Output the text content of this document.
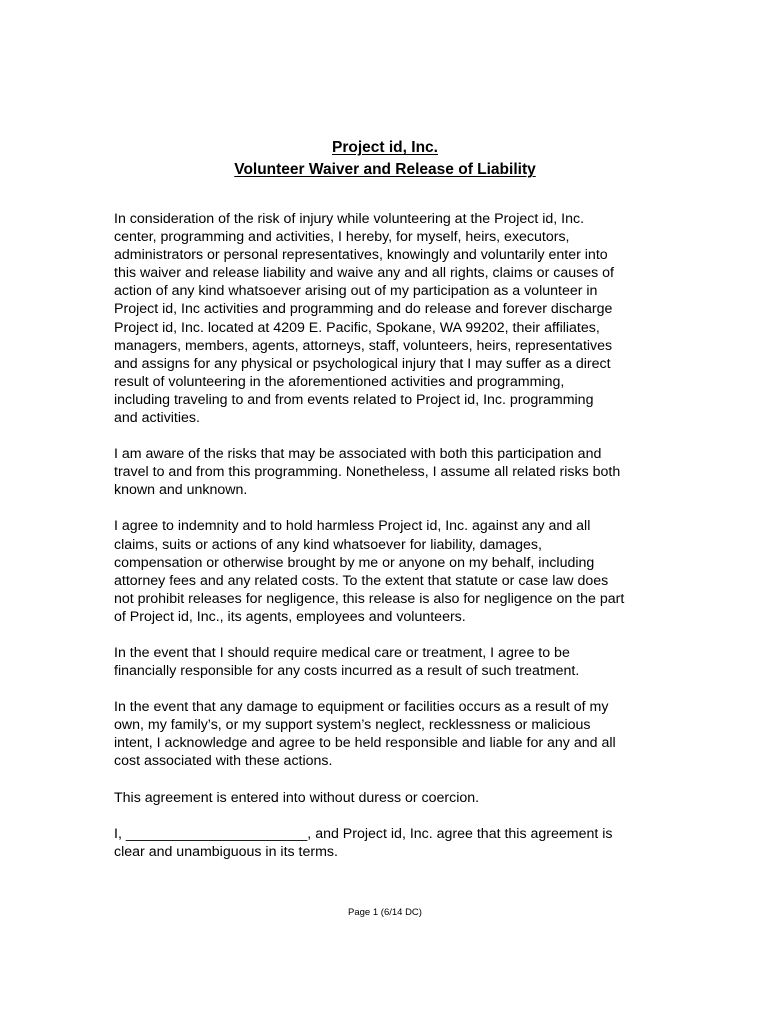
Project id, Inc.
Volunteer Waiver and Release of Liability

In consideration of the risk of injury while volunteering at the Project id, Inc.
center, programming and activities, I hereby, for myself, heirs, executors,
administrators or personal representatives, knowingly and voluntarily enter into
this waiver and release liability and waive any and all rights, claims or causes of
action of any kind whatsoever arising out of my participation as a volunteer in
Project id, Inc activities and programming and do release and forever discharge
Project id, Inc. located at 4209 E. Pacific, Spokane, WA 99202, their affiliates,
managers, members, agents, attorneys, staff, volunteers, heirs, representatives
and assigns for any physical or psychological injury that I may suffer as a direct
result of volunteering in the aforementioned activities and programming,
including traveling to and from events related to Project id, Inc. programming
and activities.

I am aware of the risks that may be associated with both this participation and
travel to and from this programming. Nonetheless, I assume all related risks both
known and unknown.

I agree to indemnity and to hold harmless Project id, Inc. against any and all
claims, suits or actions of any kind whatsoever for liability, damages,
compensation or otherwise brought by me or anyone on my behalf, including
attorney fees and any related costs. To the extent that statute or case law does
not prohibit releases for negligence, this release is also for negligence on the part
of Project id, Inc., its agents, employees and volunteers.

In the event that I should require medical care or treatment, I agree to be
financially responsible for any costs incurred as a result of such treatment.

In the event that any damage to equipment or facilities occurs as a result of my
own, my family’s, or my support system’s neglect, recklessness or malicious
intent, I acknowledge and agree to be held responsible and liable for any and all
cost associated with these actions.

This agreement is entered into without duress or coercion.

I, _______________________, and Project id, Inc. agree that this agreement is
clear and unambiguous in its terms.

Page 1 (6/14 DC)
